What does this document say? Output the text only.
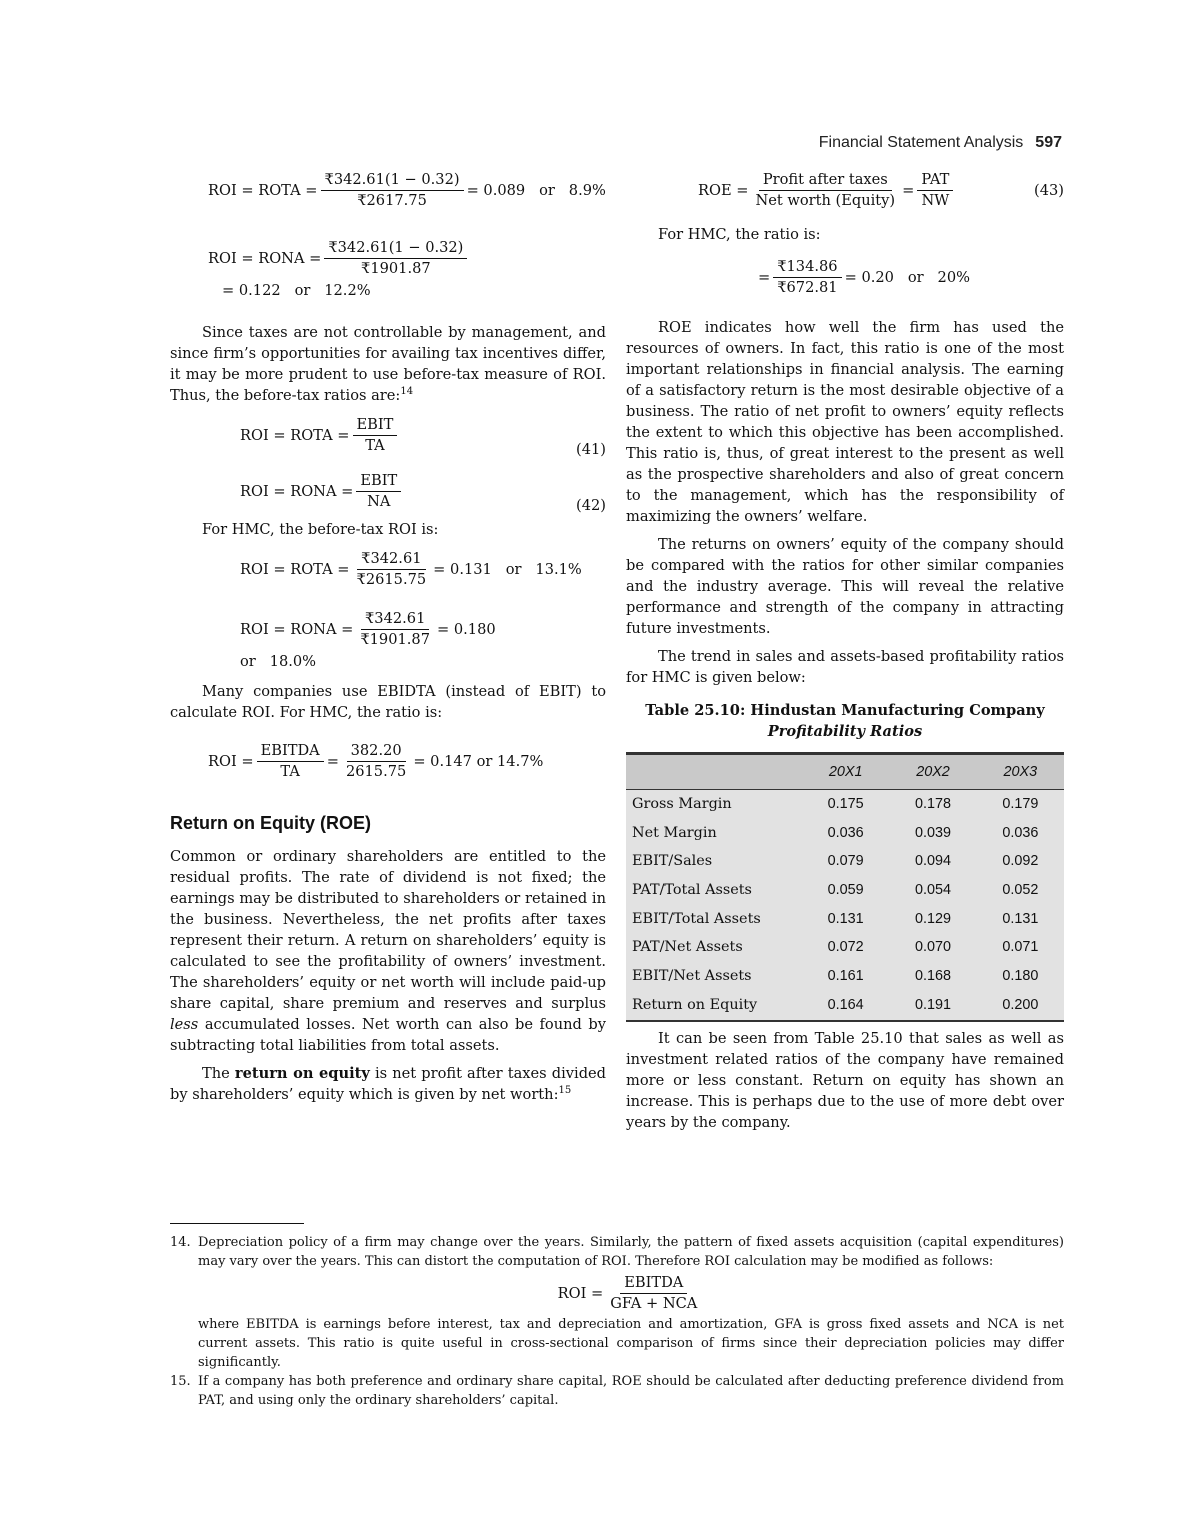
Financial Statement Analysis 597
ROI = ROTA = $\frac{₹342.61(1 - 0.32)}{₹2617.75} = 0.089$   or   8.9%
ROI = RONA = $\frac{₹342.61(1 - 0.32)}{₹1901.87}$
= 0.122   or   12.2%

Since taxes are not controllable by management, and since firm’s opportunities for availing tax incentives differ, it may be more prudent to use before-tax measure of ROI. Thus, the before-tax ratios are:$^{14}$

ROI = ROTA = $\frac{\text{EBIT}}{TA}$	(41)
ROI = RONA = $\frac{\text{EBIT}}{NA}$	(42)

For HMC, the before-tax ROI is:

ROI = ROTA = $\frac{₹342.61}{₹2615.75} = 0.131$   or   13.1%
ROI = RONA = $\frac{₹342.61}{₹1901.87} = 0.180$
or   18.0%

Many companies use EBIDTA (instead of EBIT) to calculate ROI. For HMC, the ratio is:

ROI = $\frac{\text{EBITDA}}{TA} = \frac{382.20}{2615.75} = 0.147$ or 14.7%
Return on Equity (ROE)

Common or ordinary shareholders are entitled to the residual profits. The rate of dividend is not fixed; the earnings may be distributed to shareholders or retained in the business. Nevertheless, the net profits after taxes represent their return. A return on shareholders’ equity is calculated to see the profitability of owners’ investment. The shareholders’ equity or net worth will include paid-up share capital, share premium and reserves and surplus less accumulated losses. Net worth can also be found by subtracting total liabilities from total assets.

The return on equity is net profit after taxes divided by shareholders’ equity which is given by net worth:$^{15}$

ROE = $\frac{\text{Profit after taxes}}{\text{Net worth (Equity)}} = \frac{\text{PAT}}{NW}$	(43)

For HMC, the ratio is:

= $\frac{₹134.86}{₹672.81} = 0.20$   or   20%

ROE indicates how well the firm has used the resources of owners. In fact, this ratio is one of the most important relationships in financial analysis. The earning of a satisfactory return is the most desirable objective of a business. The ratio of net profit to owners’ equity reflects the extent to which this objective has been accomplished. This ratio is, thus, of great interest to the present as well as the prospective shareholders and also of great concern to the management, which has the responsibility of maximizing the owners’ welfare.

The returns on owners’ equity of the company should be compared with the ratios for other similar companies and the industry average. This will reveal the relative performance and strength of the company in attracting future investments.

The trend in sales and assets-based profitability ratios for HMC is given below:

Table 25.10: Hindustan Manufacturing Company
Profitability Ratios
	20X1	20X2	20X3
Gross Margin	0.175	0.178	0.179
Net Margin	0.036	0.039	0.036
EBIT/Sales	0.079	0.094	0.092
PAT/Total Assets	0.059	0.054	0.052
EBIT/Total Assets	0.131	0.129	0.131
PAT/Net Assets	0.072	0.070	0.071
EBIT/Net Assets	0.161	0.168	0.180
Return on Equity	0.164	0.191	0.200

It can be seen from Table 25.10 that sales as well as investment related ratios of the company have remained more or less constant. Return on equity has shown an increase. This is perhaps due to the use of more debt over years by the company.

14. Depreciation policy of a firm may change over the years. Similarly, the pattern of fixed assets acquisition (capital expenditures) may vary over the years. This can distort the computation of ROI. Therefore ROI calculation may be modified as follows:
ROI = $\frac{\text{EBITDA}}{\text{GFA + NCA}}$
where EBITDA is earnings before interest, tax and depreciation and amortization, GFA is gross fixed assets and NCA is net current assets. This ratio is quite useful in cross-sectional comparison of firms since their depreciation policies may differ significantly.
15. If a company has both preference and ordinary share capital, ROE should be calculated after deducting preference dividend from PAT, and using only the ordinary shareholders’ capital.
